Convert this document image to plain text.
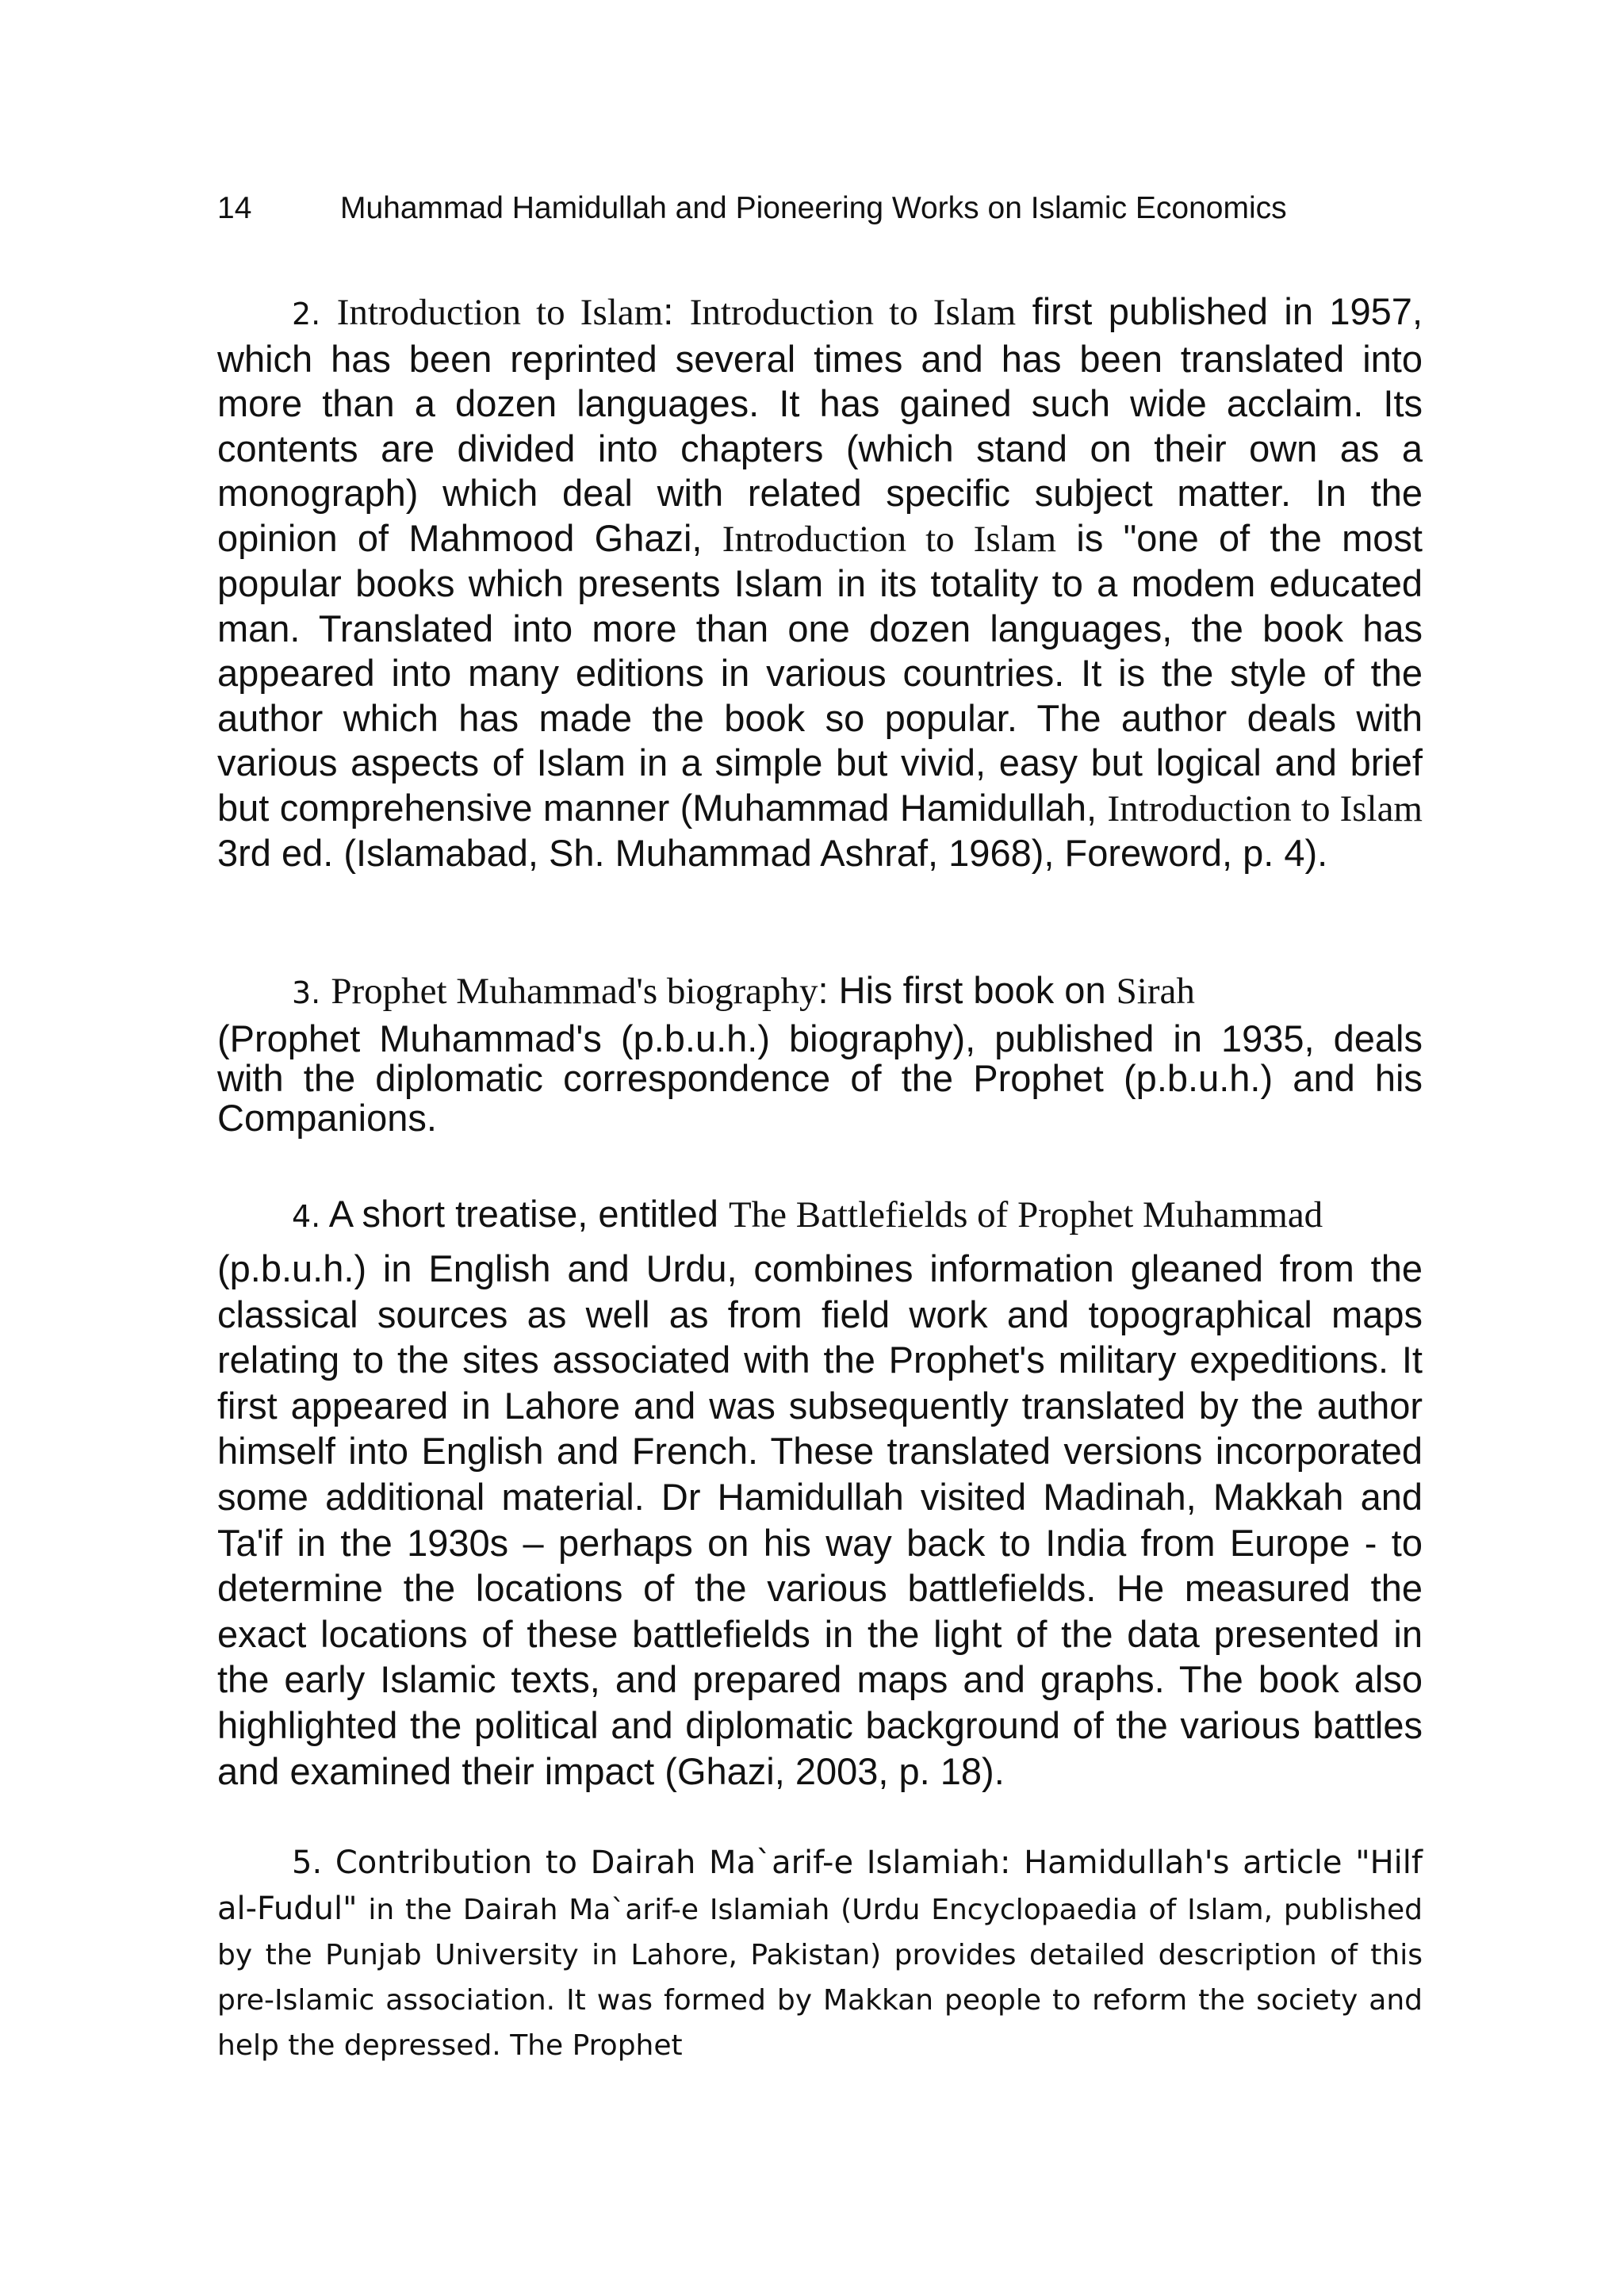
14	Muhammad Hamidullah and Pioneering Works on Islamic Economics

2. Introduction to Islam: Introduction to Islam first published in 1957, which has been reprinted several times and has been translated into more than a dozen languages. It has gained such wide acclaim. Its contents are divided into chapters (which stand on their own as a monograph) which deal with related specific subject matter. In the opinion of Mahmood Ghazi, Introduction to Islam is "one of the most popular books which presents Islam in its totality to a modem educated man. Translated into more than one dozen languages, the book has appeared into many editions in various countries. It is the style of the author which has made the book so popular. The author deals with various aspects of Islam in a simple but vivid, easy but logical and brief but comprehensive manner (Muhammad Hamidullah, Introduction to Islam 3rd ed. (Islamabad, Sh. Muhammad Ashraf, 1968), Foreword, p. 4).

3. Prophet Muhammad's biography: His first book on Sirah
(Prophet Muhammad's (p.b.u.h.) biography), published in 1935, deals with the diplomatic correspondence of the Prophet (p.b.u.h.) and his Companions.

4. A short treatise, entitled The Battlefields of Prophet Muhammad
(p.b.u.h.) in English and Urdu, combines information gleaned from the classical sources as well as from field work and topographical maps relating to the sites associated with the Prophet's military expeditions. It first appeared in Lahore and was subsequently translated by the author himself into English and French. These translated versions incorporated some additional material. Dr Hamidullah visited Madinah, Makkah and Ta'if in the 1930s – perhaps on his way back to India from Europe - to determine the locations of the various battlefields. He measured the exact locations of these battlefields in the light of the data presented in the early Islamic texts, and prepared maps and graphs. The book also highlighted the political and diplomatic background of the various battles and examined their impact (Ghazi, 2003, p. 18).

5. Contribution to Dairah Ma`arif-e Islamiah: Hamidullah's article "Hilf al-Fudul" in the Dairah Ma`arif-e Islamiah (Urdu Encyclopaedia of Islam, published by the Punjab University in Lahore, Pakistan) provides detailed description of this pre-Islamic association. It was formed by Makkan people to reform the society and help the depressed. The Prophet
